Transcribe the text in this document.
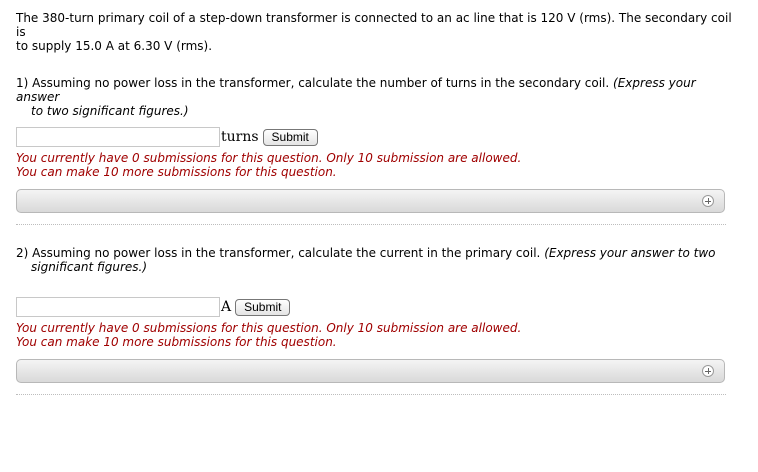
The 380-turn primary coil of a step-down transformer is connected to an ac line that is 120 V (rms). The secondary coil is
to supply 15.0 A at 6.30 V (rms).
1) Assuming no power loss in the transformer, calculate the number of turns in the secondary coil. (Express your answer
to two significant figures.)
turns	Submit
You currently have 0 submissions for this question. Only 10 submission are allowed.
You can make 10 more submissions for this question.
2) Assuming no power loss in the transformer, calculate the current in the primary coil. (Express your answer to two
significant figures.)
A	Submit
You currently have 0 submissions for this question. Only 10 submission are allowed.
You can make 10 more submissions for this question.
